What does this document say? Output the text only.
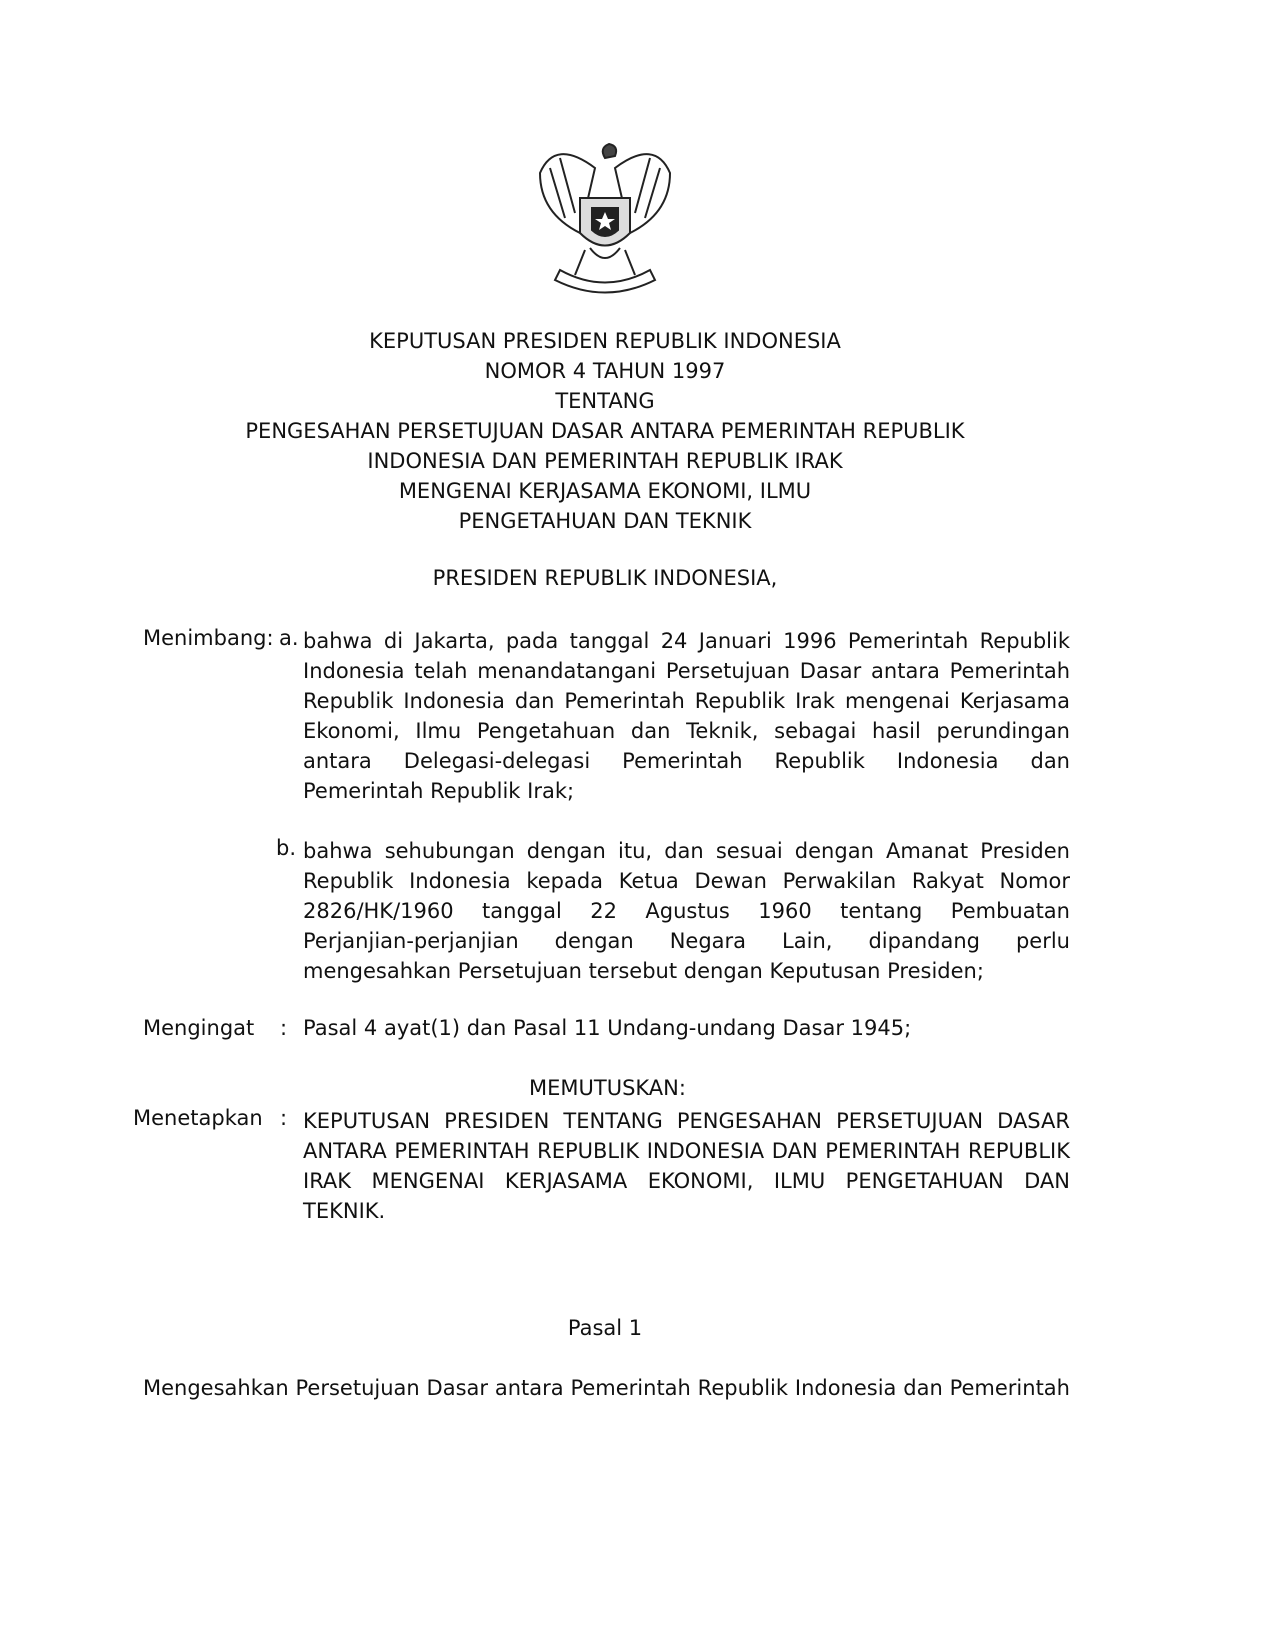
KEPUTUSAN PRESIDEN REPUBLIK INDONESIA
NOMOR 4 TAHUN 1997
TENTANG
PENGESAHAN PERSETUJUAN DASAR ANTARA PEMERINTAH REPUBLIK
INDONESIA DAN PEMERINTAH REPUBLIK IRAK
MENGENAI KERJASAMA EKONOMI, ILMU
PENGETAHUAN DAN TEKNIK
PRESIDEN REPUBLIK INDONESIA,
Menimbang: a. bahwa di Jakarta, pada tanggal 24 Januari 1996 Pemerintah Republik
Indonesia telah menandatangani Persetujuan Dasar antara Pemerintah
Republik Indonesia dan Pemerintah Republik Irak mengenai Kerjasama
Ekonomi, Ilmu Pengetahuan dan Teknik, sebagai hasil perundingan
antara Delegasi-delegasi Pemerintah Republik Indonesia dan
Pemerintah Republik Irak;
b. bahwa sehubungan dengan itu, dan sesuai dengan Amanat Presiden
Republik Indonesia kepada Ketua Dewan Perwakilan Rakyat Nomor
2826/HK/1960 tanggal 22 Agustus 1960 tentang Pembuatan
Perjanjian-perjanjian dengan Negara Lain, dipandang perlu
mengesahkan Persetujuan tersebut dengan Keputusan Presiden;
Mengingat : Pasal 4 ayat(1) dan Pasal 11 Undang-undang Dasar 1945;
MEMUTUSKAN:
Menetapkan : KEPUTUSAN PRESIDEN TENTANG PENGESAHAN PERSETUJUAN DASAR
ANTARA PEMERINTAH REPUBLIK INDONESIA DAN PEMERINTAH REPUBLIK
IRAK MENGENAI KERJASAMA EKONOMI, ILMU PENGETAHUAN DAN
TEKNIK.
Pasal 1
Mengesahkan Persetujuan Dasar antara Pemerintah Republik Indonesia dan Pemerintah
